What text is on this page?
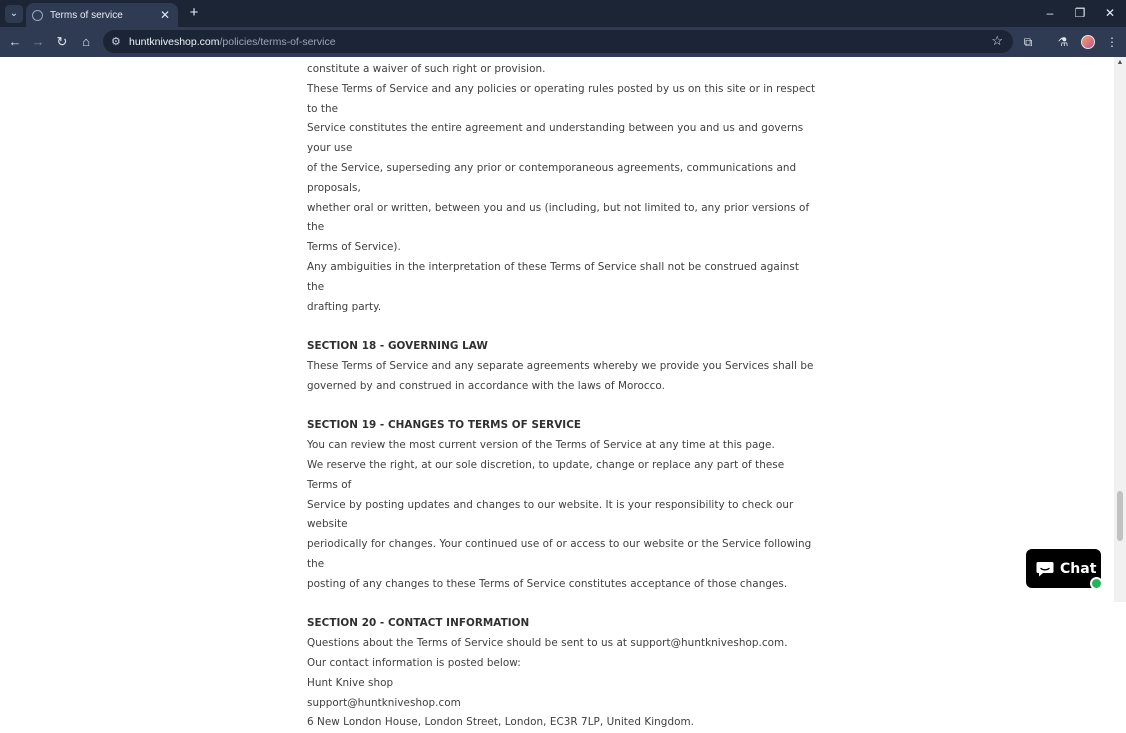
⌄	Terms of service	✕ +	–	❐	✕
← → ↻	⌂	⚙ huntkniveshop.com /policies/terms-of-service	☆	⧉	⚗	⋮

constitute a waiver of such right or provision.

These Terms of Service and any policies or operating rules posted by us on this site or in respect to the

Service constitutes the entire agreement and understanding between you and us and governs your use

of the Service, superseding any prior or contemporaneous agreements, communications and proposals,

whether oral or written, between you and us (including, but not limited to, any prior versions of the

Terms of Service).

Any ambiguities in the interpretation of these Terms of Service shall not be construed against the

drafting party.

SECTION 18 - GOVERNING LAW

These Terms of Service and any separate agreements whereby we provide you Services shall be

governed by and construed in accordance with the laws of Morocco.

SECTION 19 - CHANGES TO TERMS OF SERVICE

You can review the most current version of the Terms of Service at any time at this page.

We reserve the right, at our sole discretion, to update, change or replace any part of these Terms of

Service by posting updates and changes to our website. It is your responsibility to check our website

periodically for changes. Your continued use of or access to our website or the Service following the

posting of any changes to these Terms of Service constitutes acceptance of those changes.

SECTION 20 - CONTACT INFORMATION

Questions about the Terms of Service should be sent to us at support@huntkniveshop.com.

Our contact information is posted below:

Hunt Knive shop

support@huntkniveshop.com

6 New London House, London Street, London, EC3R 7LP, United Kingdom.

▲
Chat
